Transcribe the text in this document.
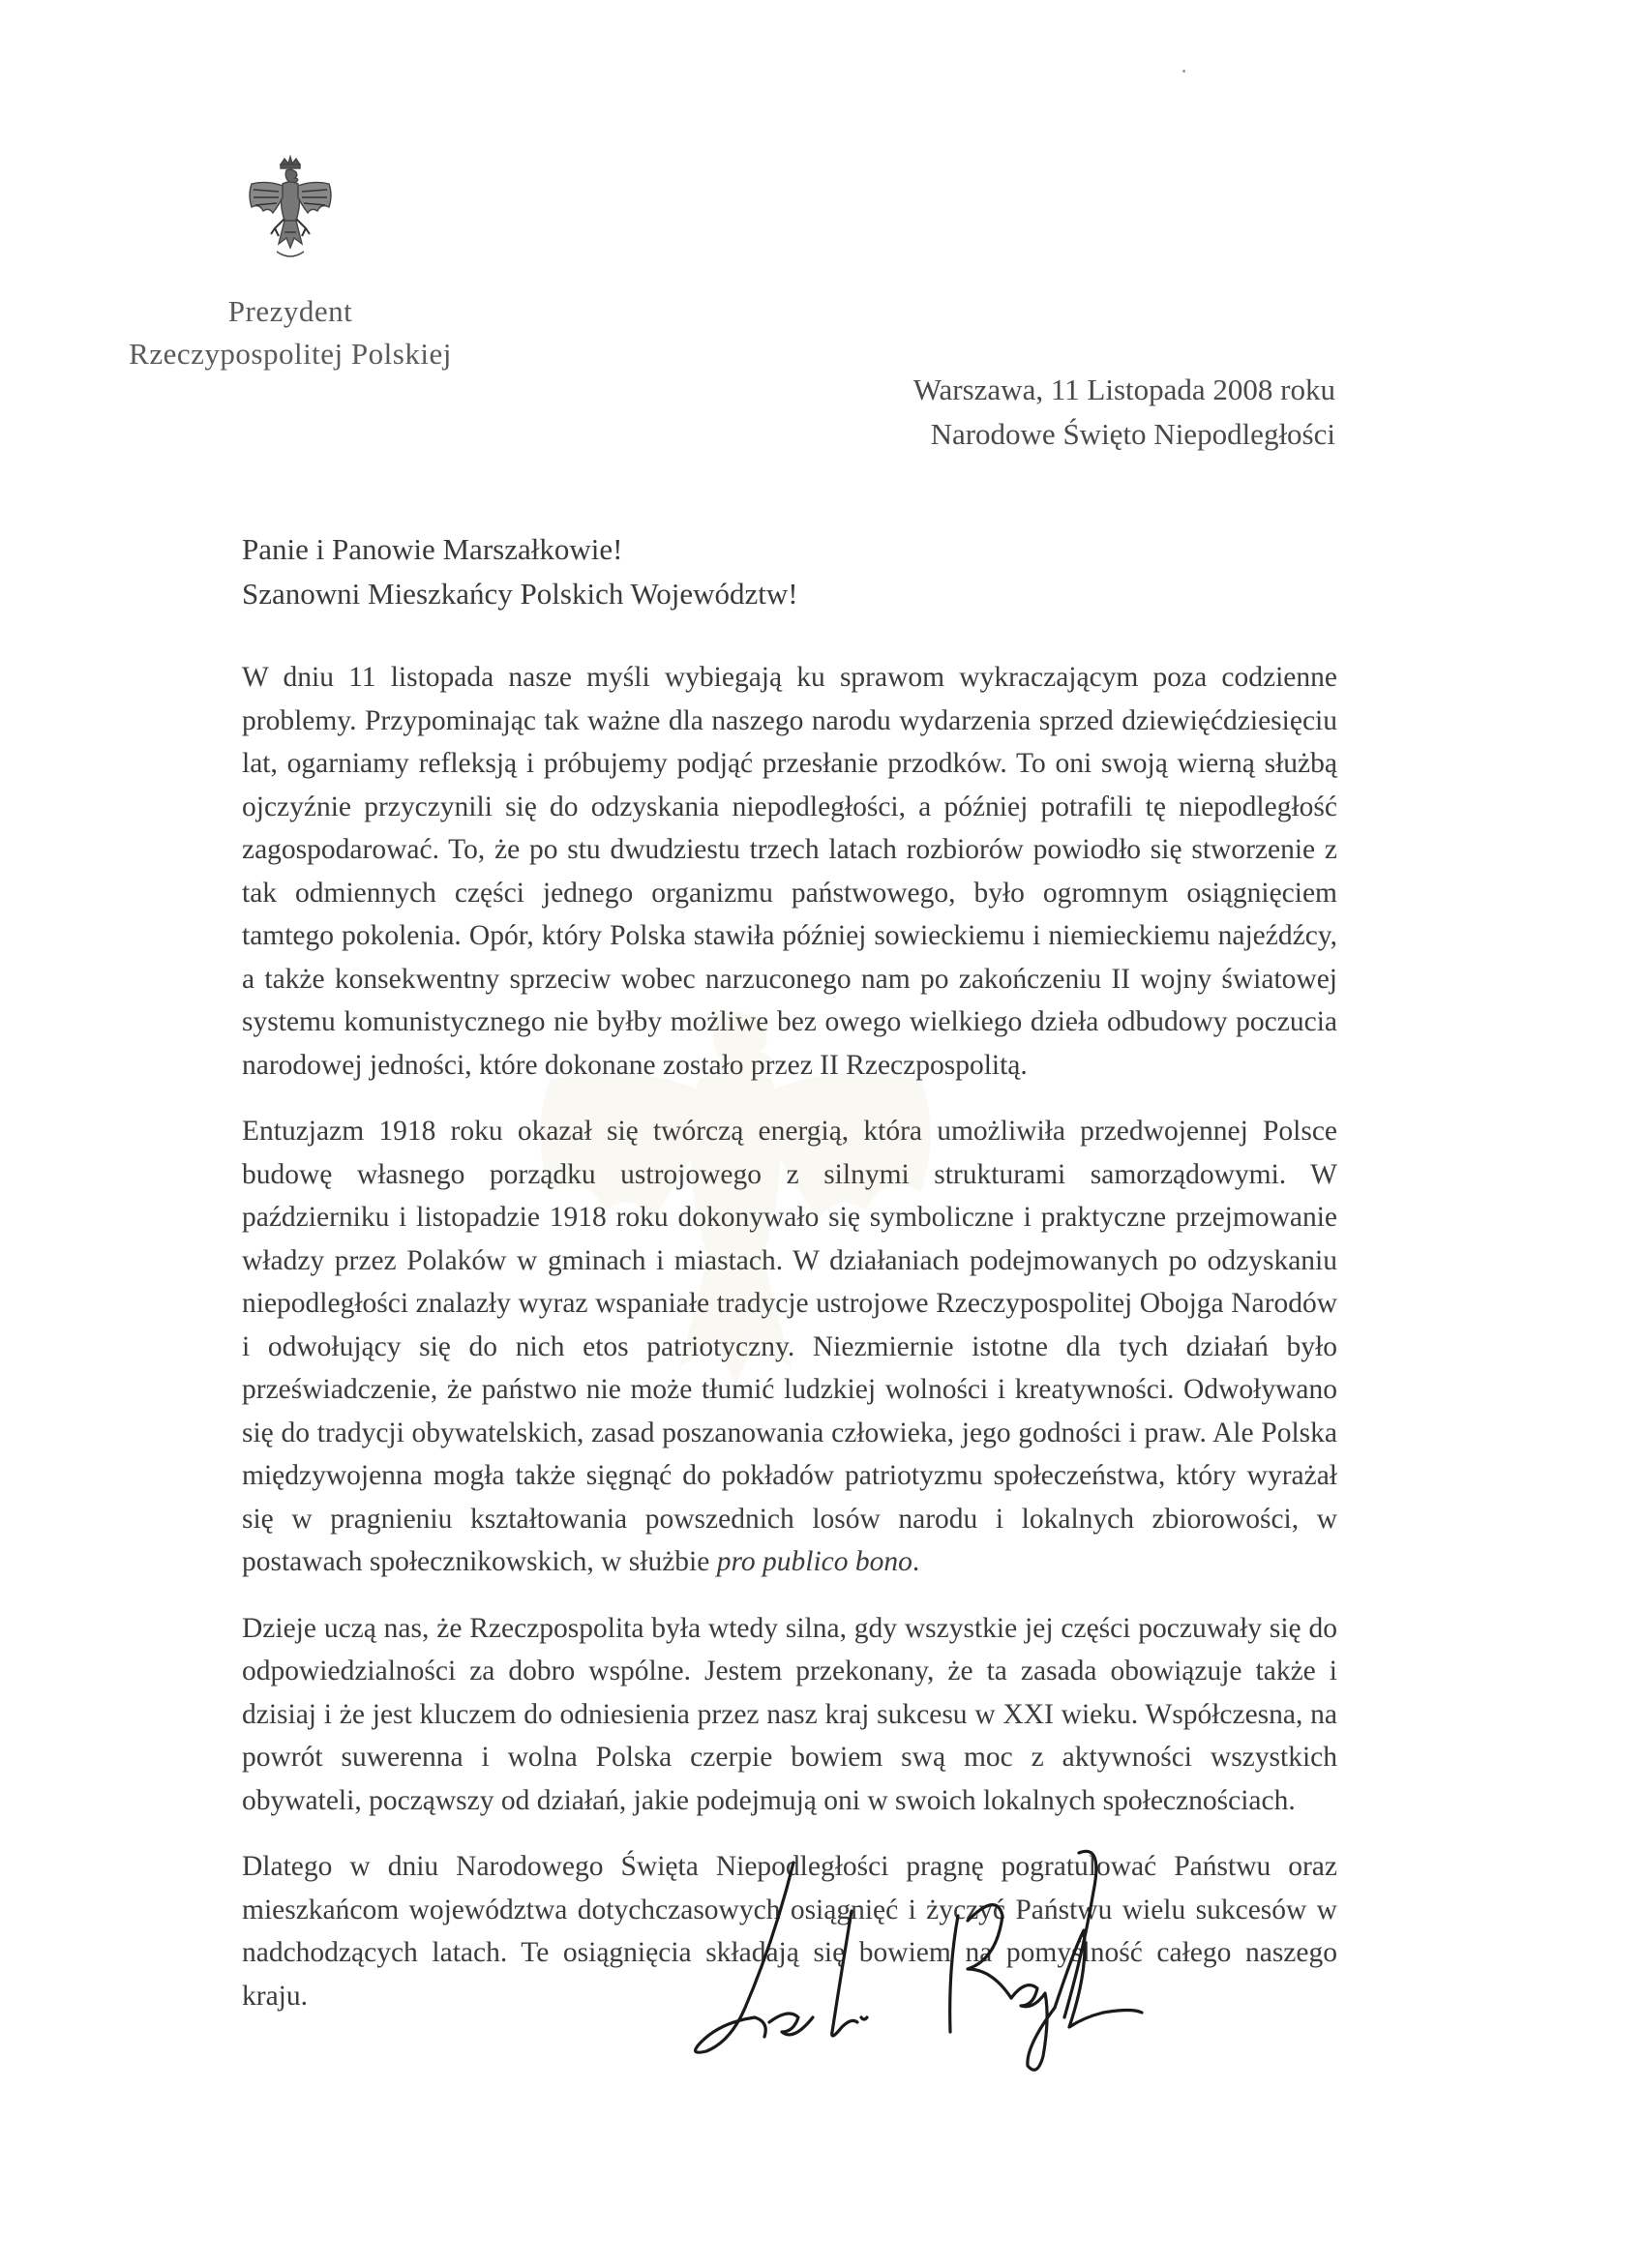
Prezydent
Rzeczypospolitej Polskiej
Warszawa, 11 Listopada 2008 roku
Narodowe Święto Niepodległości
Panie i Panowie Marszałkowie!
Szanowni Mieszkańcy Polskich Województw!

W dniu 11 listopada nasze myśli wybiegają ku sprawom wykraczającym poza codzienne problemy. Przypominając tak ważne dla naszego narodu wydarzenia sprzed dziewięćdziesięciu lat, ogarniamy refleksją i próbujemy podjąć przesłanie przodków. To oni swoją wierną służbą ojczyźnie przyczynili się do odzyskania niepodległości, a później potrafili tę niepodległość zagospodarować. To, że po stu dwudziestu trzech latach rozbiorów powiodło się stworzenie z tak odmiennych części jednego organizmu państwowego, było ogromnym osiągnięciem tamtego pokolenia. Opór, który Polska stawiła później sowieckiemu i niemieckiemu najeźdźcy, a także konsekwentny sprzeciw wobec narzuconego nam po zakończeniu II wojny światowej systemu komunistycznego nie byłby możliwe bez owego wielkiego dzieła odbudowy poczucia narodowej jedności, które dokonane zostało przez II Rzeczpospolitą.

Entuzjazm 1918 roku okazał się twórczą energią, która umożliwiła przedwojennej Polsce budowę własnego porządku ustrojowego z silnymi strukturami samorządowymi. W październiku i listopadzie 1918 roku dokonywało się symboliczne i praktyczne przejmowanie władzy przez Polaków w gminach i miastach. W działaniach podejmowanych po odzyskaniu niepodległości znalazły wyraz wspaniałe tradycje ustrojowe Rzeczypospolitej Obojga Narodów i odwołujący się do nich etos patriotyczny. Niezmiernie istotne dla tych działań było przeświadczenie, że państwo nie może tłumić ludzkiej wolności i kreatywności. Odwoływano się do tradycji obywatelskich, zasad poszanowania człowieka, jego godności i praw. Ale Polska międzywojenna mogła także sięgnąć do pokładów patriotyzmu społeczeństwa, który wyrażał się w pragnieniu kształtowania powszednich losów narodu i lokalnych zbiorowości, w postawach społecznikowskich, w służbie pro publico bono.

Dzieje uczą nas, że Rzeczpospolita była wtedy silna, gdy wszystkie jej części poczuwały się do odpowiedzialności za dobro wspólne. Jestem przekonany, że ta zasada obowiązuje także i dzisiaj i że jest kluczem do odniesienia przez nasz kraj sukcesu w XXI wieku. Współczesna, na powrót suwerenna i wolna Polska czerpie bowiem swą moc z aktywności wszystkich obywateli, począwszy od działań, jakie podejmują oni w swoich lokalnych społecznościach.

Dlatego w dniu Narodowego Święta Niepodległości pragnę pogratulować Państwu oraz mieszkańcom województwa dotychczasowych osiągnięć i życzyć Państwu wielu sukcesów w nadchodzących latach. Te osiągnięcia składają się bowiem na pomyślność całego naszego kraju.
